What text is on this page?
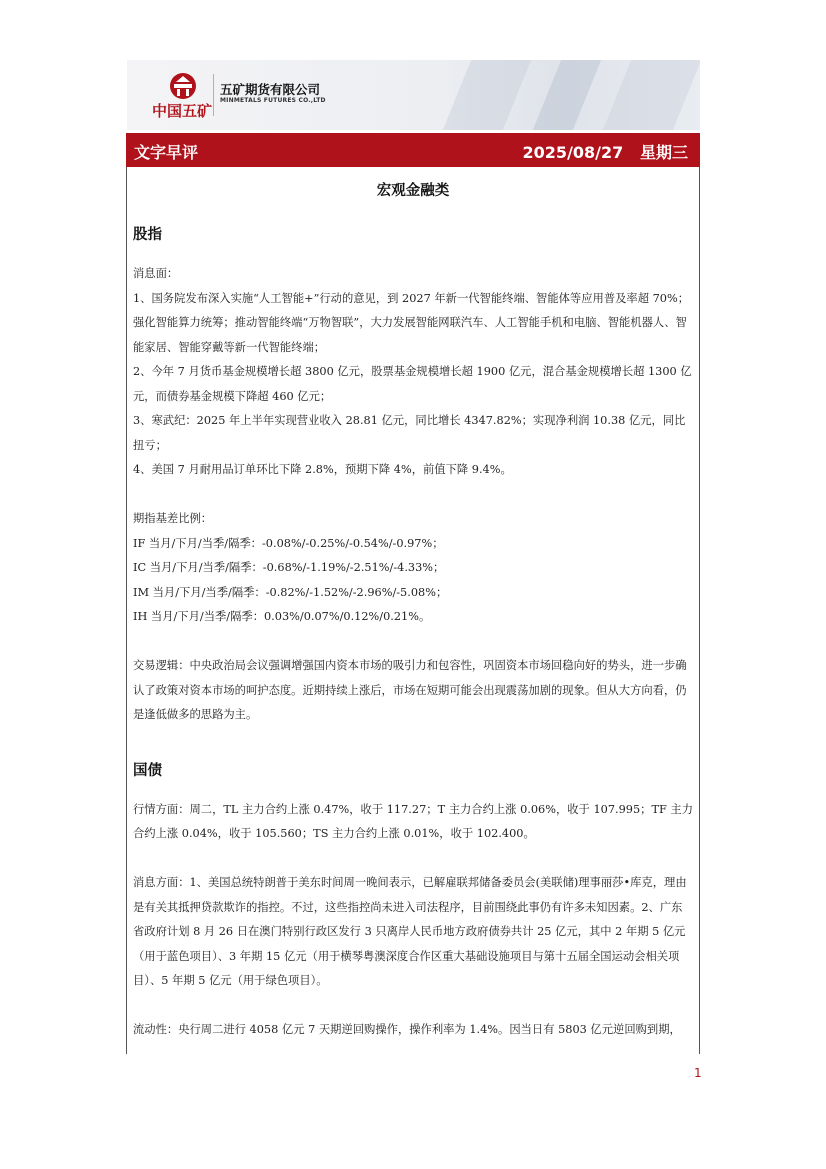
中国五矿
五矿期货有限公司
MINMETALS FUTURES CO.,LTD
文字早评	2025/08/27   星期三
宏观金融类
股指
消息面：
1、国务院发布深入实施“人工智能+”行动的意见，到 2027 年新一代智能终端、智能体等应用普及率超 70%；强化智能算力统筹；推动智能终端“万物智联”，大力发展智能网联汽车、人工智能手机和电脑、智能机器人、智能家居、智能穿戴等新一代智能终端；
2、今年 7 月货币基金规模增长超 3800 亿元，股票基金规模增长超 1900 亿元，混合基金规模增长超 1300 亿元，而债券基金规模下降超 460 亿元；
3、寒武纪：2025 年上半年实现营业收入 28.81 亿元，同比增长 4347.82%；实现净利润 10.38 亿元，同比扭亏；
4、美国 7 月耐用品订单环比下降 2.8%，预期下降 4%，前值下降 9.4%。
期指基差比例：
IF 当月/下月/当季/隔季：-0.08%/-0.25%/-0.54%/-0.97%；
IC 当月/下月/当季/隔季：-0.68%/-1.19%/-2.51%/-4.33%；
IM 当月/下月/当季/隔季：-0.82%/-1.52%/-2.96%/-5.08%；
IH 当月/下月/当季/隔季：0.03%/0.07%/0.12%/0.21%。
交易逻辑：中央政治局会议强调增强国内资本市场的吸引力和包容性，巩固资本市场回稳向好的势头，进一步确认了政策对资本市场的呵护态度。近期持续上涨后，市场在短期可能会出现震荡加剧的现象。但从大方向看，仍是逢低做多的思路为主。
国债
行情方面：周二，TL 主力合约上涨 0.47%，收于 117.27；T 主力合约上涨 0.06%，收于 107.995；TF 主力合约上涨 0.04%，收于 105.560；TS 主力合约上涨 0.01%，收于 102.400。
消息方面：1、美国总统特朗普于美东时间周一晚间表示，已解雇联邦储备委员会(美联储)理事丽莎•库克，理由是有关其抵押贷款欺诈的指控。不过，这些指控尚未进入司法程序，目前围绕此事仍有许多未知因素。2、广东省政府计划 8 月 26 日在澳门特别行政区发行 3 只离岸人民币地方政府债券共计 25 亿元，其中 2 年期 5 亿元（用于蓝色项目）、3 年期 15 亿元（用于横琴粤澳深度合作区重大基础设施项目与第十五届全国运动会相关项目）、5 年期 5 亿元（用于绿色项目）。
流动性：央行周二进行 4058 亿元 7 天期逆回购操作，操作利率为 1.4%。因当日有 5803 亿元逆回购到期，
1
